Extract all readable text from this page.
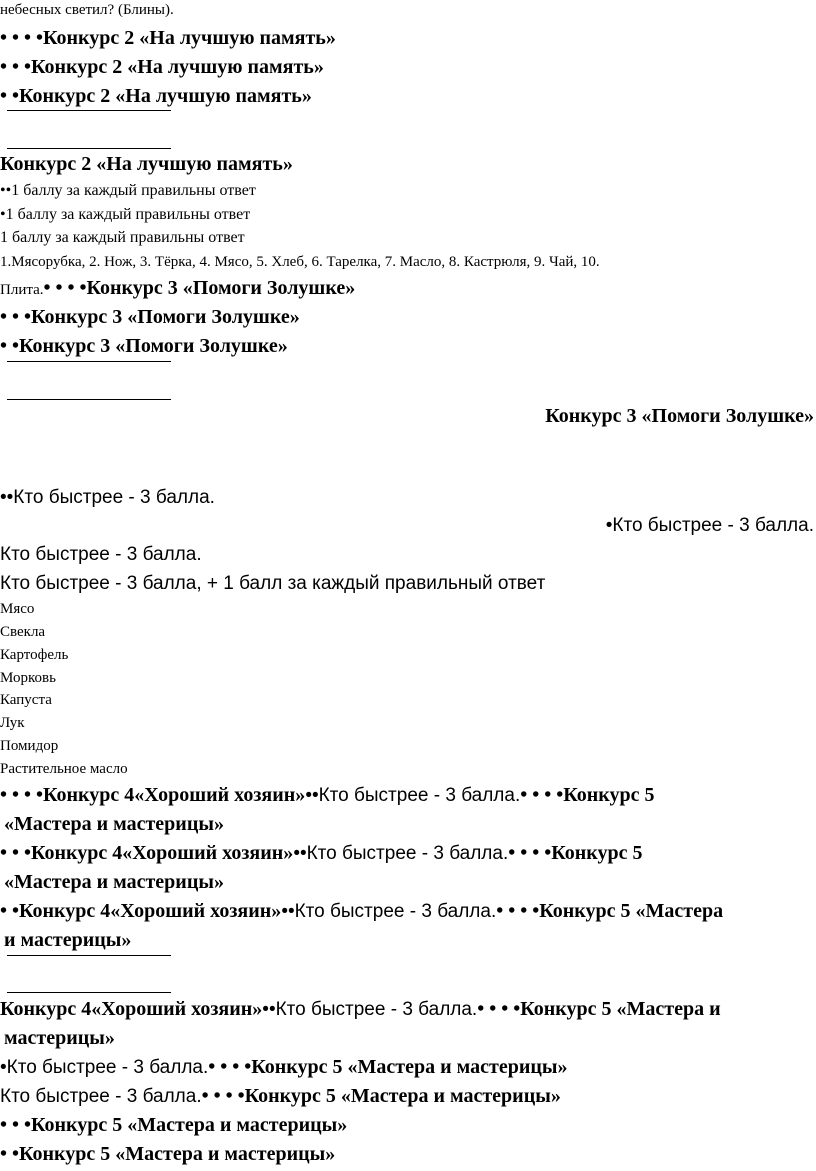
небесных светил? (Блины).

• • • •Конкурс 2 «На лучшую память»

• • •Конкурс 2 «На лучшую память»

• •Конкурс 2 «На лучшую память»

Конкурс 2 «На лучшую память»

••1 баллу за каждый правильны ответ

•1 баллу за каждый правильны ответ

1 баллу за каждый правильны ответ

1.Мясорубка, 2. Нож, 3. Тёрка, 4. Мясо, 5. Хлеб, 6. Тарелка, 7. Масло, 8. Кастрюля, 9. Чай, 10.

Плита.• • • •Конкурс 3 «Помоги Золушке»

• • •Конкурс 3 «Помоги Золушке»

• •Конкурс 3 «Помоги Золушке»

Конкурс 3 «Помоги Золушке»

••Кто быстрее - 3 балла.

•Кто быстрее - 3 балла.

Кто быстрее - 3 балла.

Кто быстрее - 3 балла, + 1 балл за каждый правильный ответ

Мясо

Свекла

Картофель

Морковь

Капуста

Лук

Помидор

Растительное масло

• • • •Конкурс 4«Хороший хозяин»••Кто быстрее - 3 балла.• • • •Конкурс 5

«Мастера и мастерицы»

• • •Конкурс 4«Хороший хозяин»••Кто быстрее - 3 балла.• • • •Конкурс 5

«Мастера и мастерицы»

• •Конкурс 4«Хороший хозяин»••Кто быстрее - 3 балла.• • • •Конкурс 5 «Мастера

и мастерицы»

Конкурс 4«Хороший хозяин»••Кто быстрее - 3 балла.• • • •Конкурс 5 «Мастера и

мастерицы»

•Кто быстрее - 3 балла.• • • •Конкурс 5 «Мастера и мастерицы»

Кто быстрее - 3 балла.• • • •Конкурс 5 «Мастера и мастерицы»

• • •Конкурс 5 «Мастера и мастерицы»

• •Конкурс 5 «Мастера и мастерицы»
